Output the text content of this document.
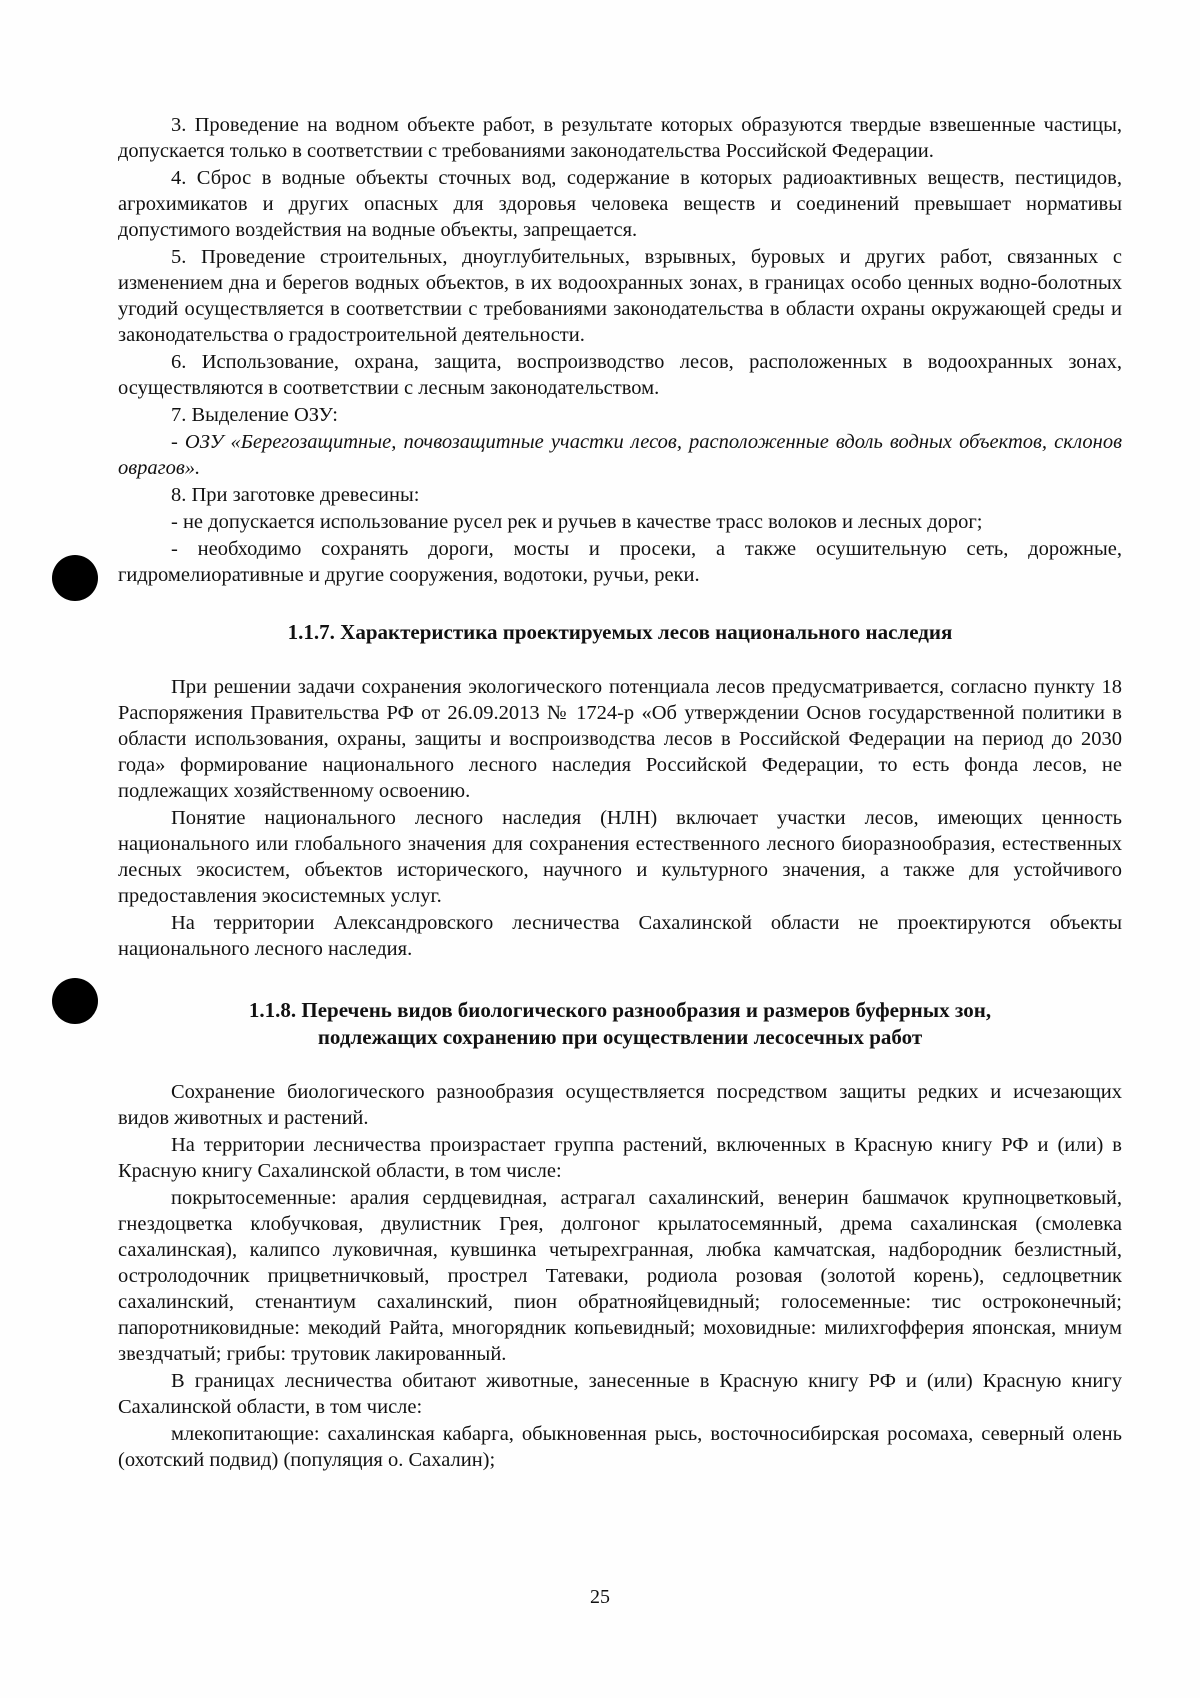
3. Проведение на водном объекте работ, в результате которых образуются твердые взвешенные частицы, допускается только в соответствии с требованиями законодательства Российской Федерации.

4. Сброс в водные объекты сточных вод, содержание в которых радиоактивных веществ, пестицидов, агрохимикатов и других опасных для здоровья человека веществ и соединений превышает нормативы допустимого воздействия на водные объекты, запрещается.

5. Проведение строительных, дноуглубительных, взрывных, буровых и других работ, связанных с изменением дна и берегов водных объектов, в их водоохранных зонах, в границах особо ценных водно-болотных угодий осуществляется в соответствии с требованиями законодательства в области охраны окружающей среды и законодательства о градостроительной деятельности.

6. Использование, охрана, защита, воспроизводство лесов, расположенных в водоохранных зонах, осуществляются в соответствии с лесным законодательством.

7. Выделение ОЗУ:

- ОЗУ «Берегозащитные, почвозащитные участки лесов, расположенные вдоль водных объектов, склонов оврагов».

8. При заготовке древесины:

- не допускается использование русел рек и ручьев в качестве трасс волоков и лесных дорог;

- необходимо сохранять дороги, мосты и просеки, а также осушительную сеть, дорожные, гидромелиоративные и другие сооружения, водотоки, ручьи, реки.

1.1.7. Характеристика проектируемых лесов национального наследия

При решении задачи сохранения экологического потенциала лесов предусматривается, согласно пункту 18 Распоряжения Правительства РФ от 26.09.2013 № 1724-р «Об утверждении Основ государственной политики в области использования, охраны, защиты и воспроизводства лесов в Российской Федерации на период до 2030 года» формирование национального лесного наследия Российской Федерации, то есть фонда лесов, не подлежащих хозяйственному освоению.

Понятие национального лесного наследия (НЛН) включает участки лесов, имеющих ценность национального или глобального значения для сохранения естественного лесного биоразнообразия, естественных лесных экосистем, объектов исторического, научного и культурного значения, а также для устойчивого предоставления экосистемных услуг.

На территории Александровского лесничества Сахалинской области не проектируются объекты национального лесного наследия.

1.1.8. Перечень видов биологического разнообразия и размеров буферных зон,

подлежащих сохранению при осуществлении лесосечных работ

Сохранение биологического разнообразия осуществляется посредством защиты редких и исчезающих видов животных и растений.

На территории лесничества произрастает группа растений, включенных в Красную книгу РФ и (или) в Красную книгу Сахалинской области, в том числе:

покрытосеменные: аралия сердцевидная, астрагал сахалинский, венерин башмачок крупноцветковый, гнездоцветка клобучковая, двулистник Грея, долгоног крылатосемянный, дрема сахалинская (смолевка сахалинская), калипсо луковичная, кувшинка четырехгранная, любка камчатская, надбородник безлистный, остролодочник прицветничковый, прострел Татеваки, родиола розовая (золотой корень), седлоцветник сахалинский, стенантиум сахалинский, пион обратнояйцевидный; голосеменные: тис остроконечный; папоротниковидные: мекодий Райта, многорядник копьевидный; моховидные: милихгофферия японская, мниум звездчатый; грибы: трутовик лакированный.

В границах лесничества обитают животные, занесенные в Красную книгу РФ и (или) Красную книгу Сахалинской области, в том числе:

млекопитающие: сахалинская кабарга, обыкновенная рысь, восточносибирская росомаха, северный олень (охотский подвид) (популяция о. Сахалин);

25
